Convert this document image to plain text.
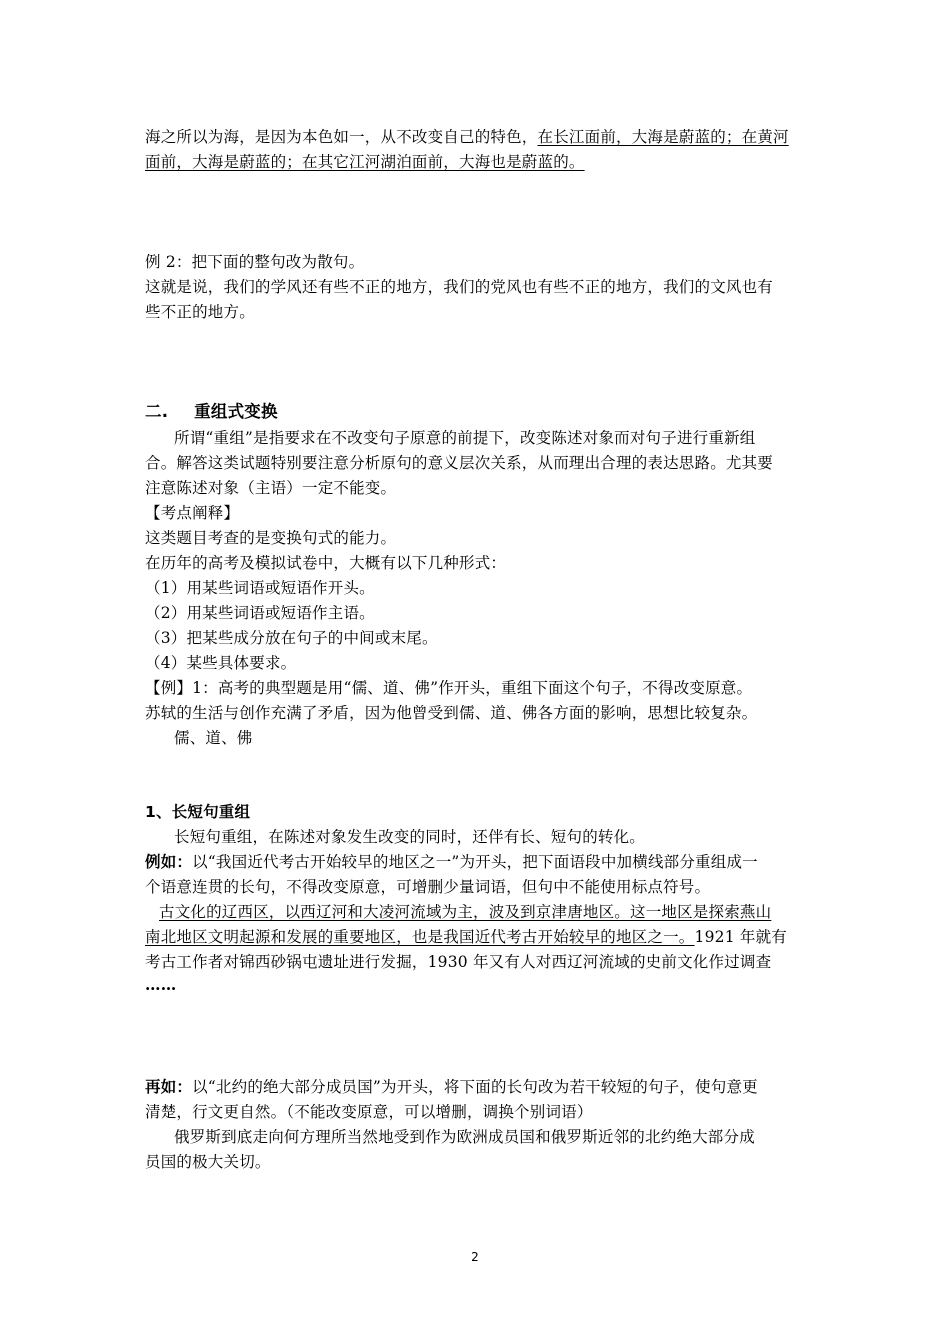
海之所以为海，是因为本色如一，从不改变自己的特色，在长江面前，大海是蔚蓝的；在黄河
面前，大海是蔚蓝的；在其它江河湖泊面前，大海也是蔚蓝的。
例 2：把下面的整句改为散句。
这就是说，我们的学风还有些不正的地方，我们的党风也有些不正的地方，我们的文风也有
些不正的地方。
二. 重组式变换
所谓“重组”是指要求在不改变句子原意的前提下，改变陈述对象而对句子进行重新组
合。解答这类试题特别要注意分析原句的意义层次关系，从而理出合理的表达思路。尤其要
注意陈述对象（主语）一定不能变。
【考点阐释】
这类题目考查的是变换句式的能力。
在历年的高考及模拟试卷中，大概有以下几种形式：
（1）用某些词语或短语作开头。
（2）用某些词语或短语作主语。
（3）把某些成分放在句子的中间或末尾。
（4）某些具体要求。
【例】1：高考的典型题是用“儒、道、佛”作开头，重组下面这个句子，不得改变原意。
苏轼的生活与创作充满了矛盾，因为他曾受到儒、道、佛各方面的影响，思想比较复杂。
儒、道、佛
1、长短句重组
长短句重组，在陈述对象发生改变的同时，还伴有长、短句的转化。
例如：以“我国近代考古开始较早的地区之一”为开头，把下面语段中加横线部分重组成一
个语意连贯的长句，不得改变原意，可增删少量词语，但句中不能使用标点符号。
古文化的辽西区，以西辽河和大凌河流域为主，波及到京津唐地区。这一地区是探索燕山
南北地区文明起源和发展的重要地区，也是我国近代考古开始较早的地区之一。1921 年就有
考古工作者对锦西砂锅屯遗址进行发掘，1930 年又有人对西辽河流域的史前文化作过调查
……
再如：以“北约的绝大部分成员国”为开头，将下面的长句改为若干较短的句子，使句意更
清楚，行文更自然。（不能改变原意，可以增删，调换个别词语）
俄罗斯到底走向何方理所当然地受到作为欧洲成员国和俄罗斯近邻的北约绝大部分成
员国的极大关切。
2
